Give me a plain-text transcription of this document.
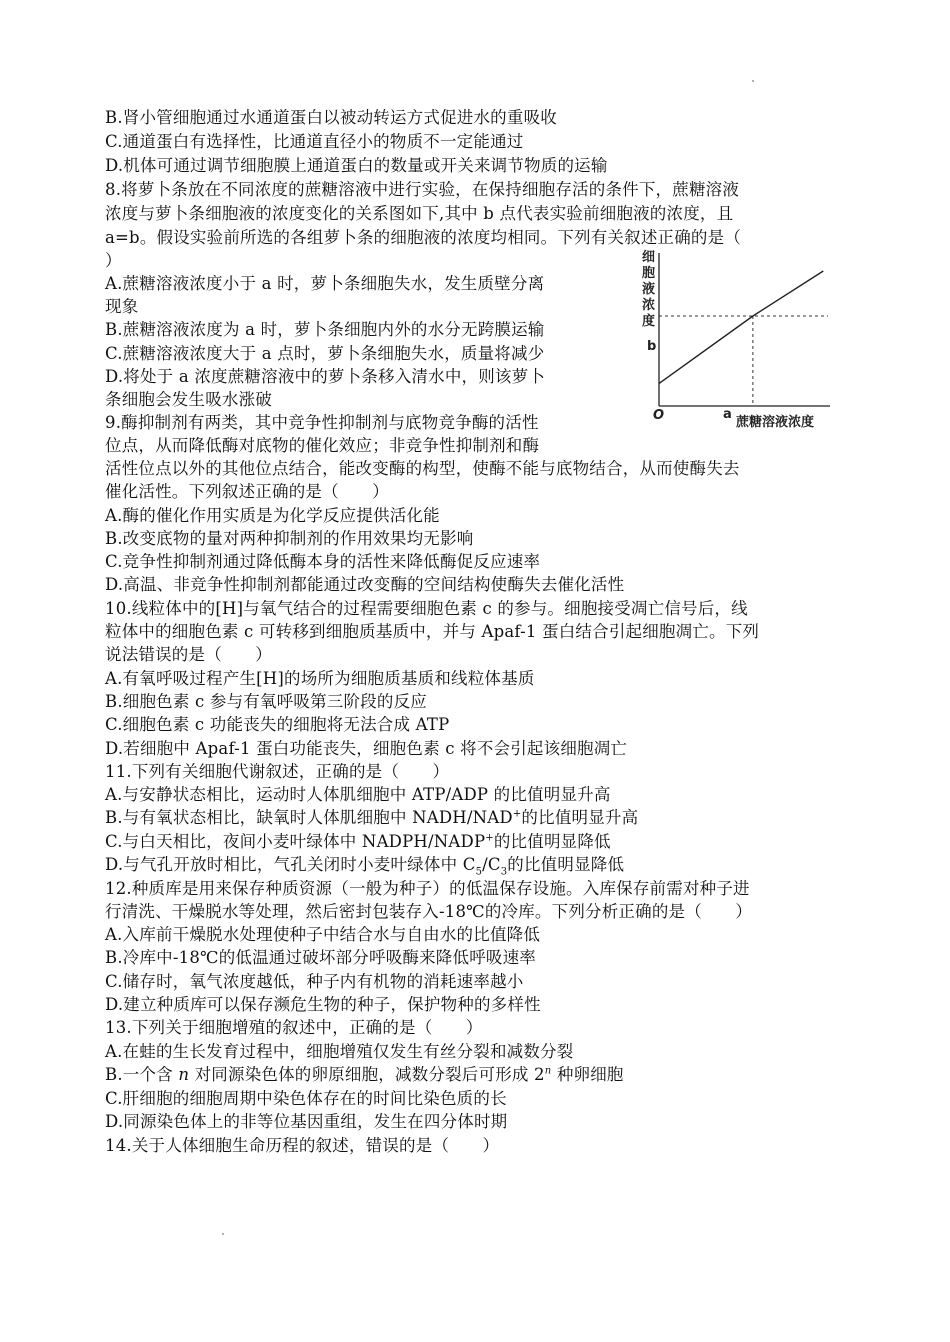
B.肾小管细胞通过水通道蛋白以被动转运方式促进水的重吸收
C.通道蛋白有选择性，比通道直径小的物质不一定能通过
D.机体可通过调节细胞膜上通道蛋白的数量或开关来调节物质的运输
8.将萝卜条放在不同浓度的蔗糖溶液中进行实验，在保持细胞存活的条件下，蔗糖溶液
浓度与萝卜条细胞液的浓度变化的关系图如下,其中 b 点代表实验前细胞液的浓度，且
a=b。假设实验前所选的各组萝卜条的细胞液的浓度均相同。下列有关叙述正确的是（
）
A.蔗糖溶液浓度小于 a 时，萝卜条细胞失水，发生质壁分离
现象
B.蔗糖溶液浓度为 a 时，萝卜条细胞内外的水分无跨膜运输
C.蔗糖溶液浓度大于 a 点时，萝卜条细胞失水，质量将减少
D.将处于 a 浓度蔗糖溶液中的萝卜条移入清水中，则该萝卜
条细胞会发生吸水涨破
9.酶抑制剂有两类，其中竞争性抑制剂与底物竞争酶的活性
位点，从而降低酶对底物的催化效应；非竞争性抑制剂和酶
活性位点以外的其他位点结合，能改变酶的构型，使酶不能与底物结合，从而使酶失去
催化活性。下列叙述正确的是（　　）
A.酶的催化作用实质是为化学反应提供活化能
B.改变底物的量对两种抑制剂的作用效果均无影响
C.竞争性抑制剂通过降低酶本身的活性来降低酶促反应速率
D.高温、非竞争性抑制剂都能通过改变酶的空间结构使酶失去催化活性
10.线粒体中的[H]与氧气结合的过程需要细胞色素 c 的参与。细胞接受凋亡信号后，线
粒体中的细胞色素 c 可转移到细胞质基质中，并与 Apaf-1 蛋白结合引起细胞凋亡。下列
说法错误的是（　　）
A.有氧呼吸过程产生[H]的场所为细胞质基质和线粒体基质
B.细胞色素 c 参与有氧呼吸第三阶段的反应
C.细胞色素 c 功能丧失的细胞将无法合成 ATP
D.若细胞中 Apaf-1 蛋白功能丧失，细胞色素 c 将不会引起该细胞凋亡
11.下列有关细胞代谢叙述，正确的是（　　）
A.与安静状态相比，运动时人体肌细胞中 ATP/ADP 的比值明显升高
B.与有氧状态相比，缺氧时人体肌细胞中 NADH/NAD+的比值明显升高
C.与白天相比，夜间小麦叶绿体中 NADPH/NADP+的比值明显降低
D.与气孔开放时相比，气孔关闭时小麦叶绿体中 $C_5/C_3$的比值明显降低
12.种质库是用来保存种质资源（一般为种子）的低温保存设施。入库保存前需对种子进
行清洗、干燥脱水等处理，然后密封包装存入-18℃的冷库。下列分析正确的是（　　）
A.入库前干燥脱水处理使种子中结合水与自由水的比值降低
B.冷库中-18℃的低温通过破坏部分呼吸酶来降低呼吸速率
C.储存时，氧气浓度越低，种子内有机物的消耗速率越小
D.建立种质库可以保存濒危生物的种子，保护物种的多样性
13.下列关于细胞增殖的叙述中，正确的是（　　）
A.在蛙的生长发育过程中，细胞增殖仅发生有丝分裂和减数分裂
B.一个含 n 对同源染色体的卵原细胞，减数分裂后可形成 2$^n$ 种卵细胞
C.肝细胞的细胞周期中染色体存在的时间比染色质的长
D.同源染色体上的非等位基因重组，发生在四分体时期
14.关于人体细胞生命历程的叙述，错误的是（　　）
细
胞
液
浓
度
O	a
蔗糖溶液浓度
b
